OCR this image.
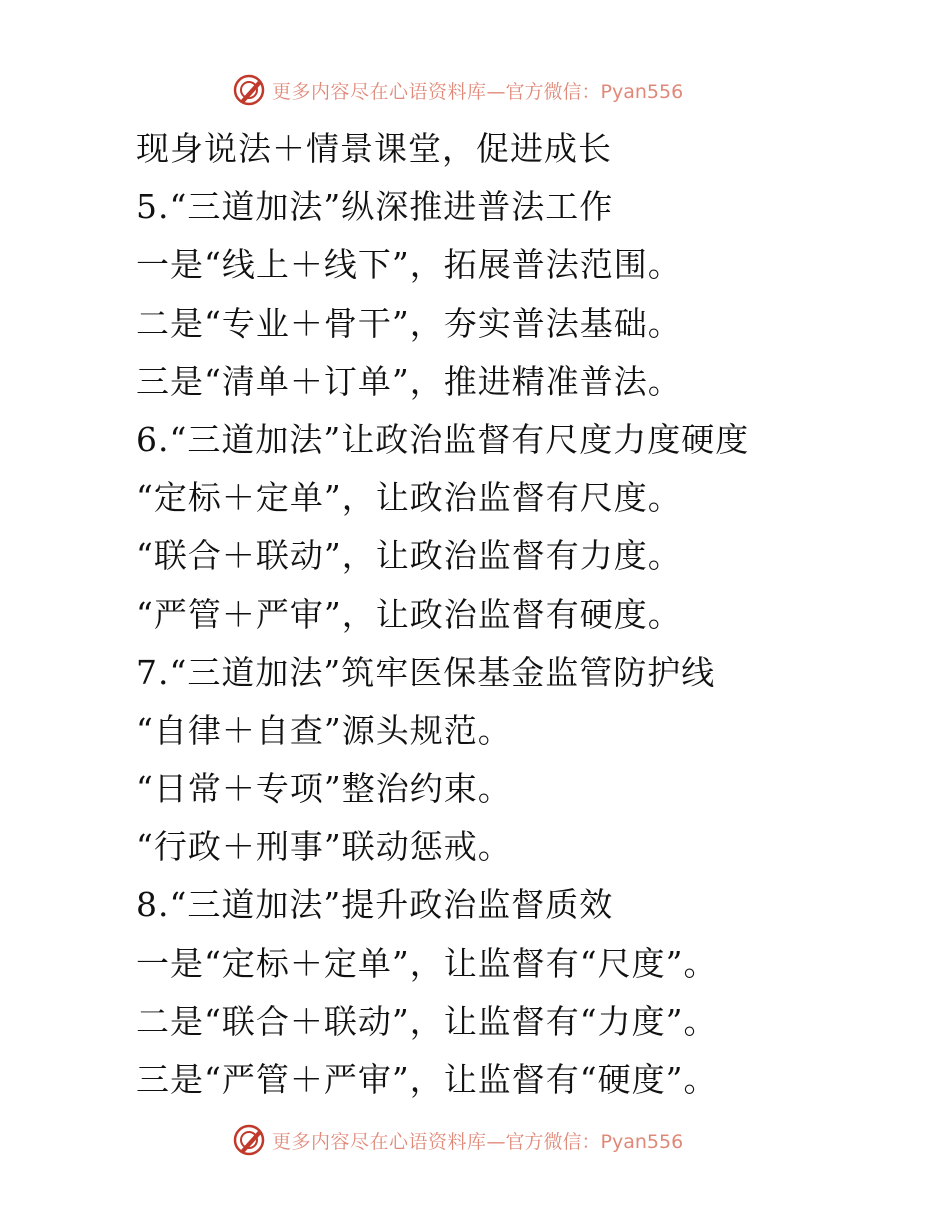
更多内容尽在心语资料库 —官方微信：Pyan556
现身说法＋情景课堂，促进成长
5.“三道加法”纵深推进普法工作
一是“线上＋线下”，拓展普法范围。
二是“专业＋骨干”，夯实普法基础。
三是“清单＋订单”，推进精准普法。
6.“三道加法”让政治监督有尺度力度硬度
“定标＋定单”，让政治监督有尺度。
“联合＋联动”，让政治监督有力度。
“严管＋严审”，让政治监督有硬度。
7.“三道加法”筑牢医保基金监管防护线
“自律＋自查”源头规范。
“日常＋专项”整治约束。
“行政＋刑事”联动惩戒。
8.“三道加法”提升政治监督质效
一是“定标＋定单”，让监督有“尺度”。
二是“联合＋联动”，让监督有“力度”。
三是“严管＋严审”，让监督有“硬度”。
更多内容尽在心语资料库 —官方微信：Pyan556
